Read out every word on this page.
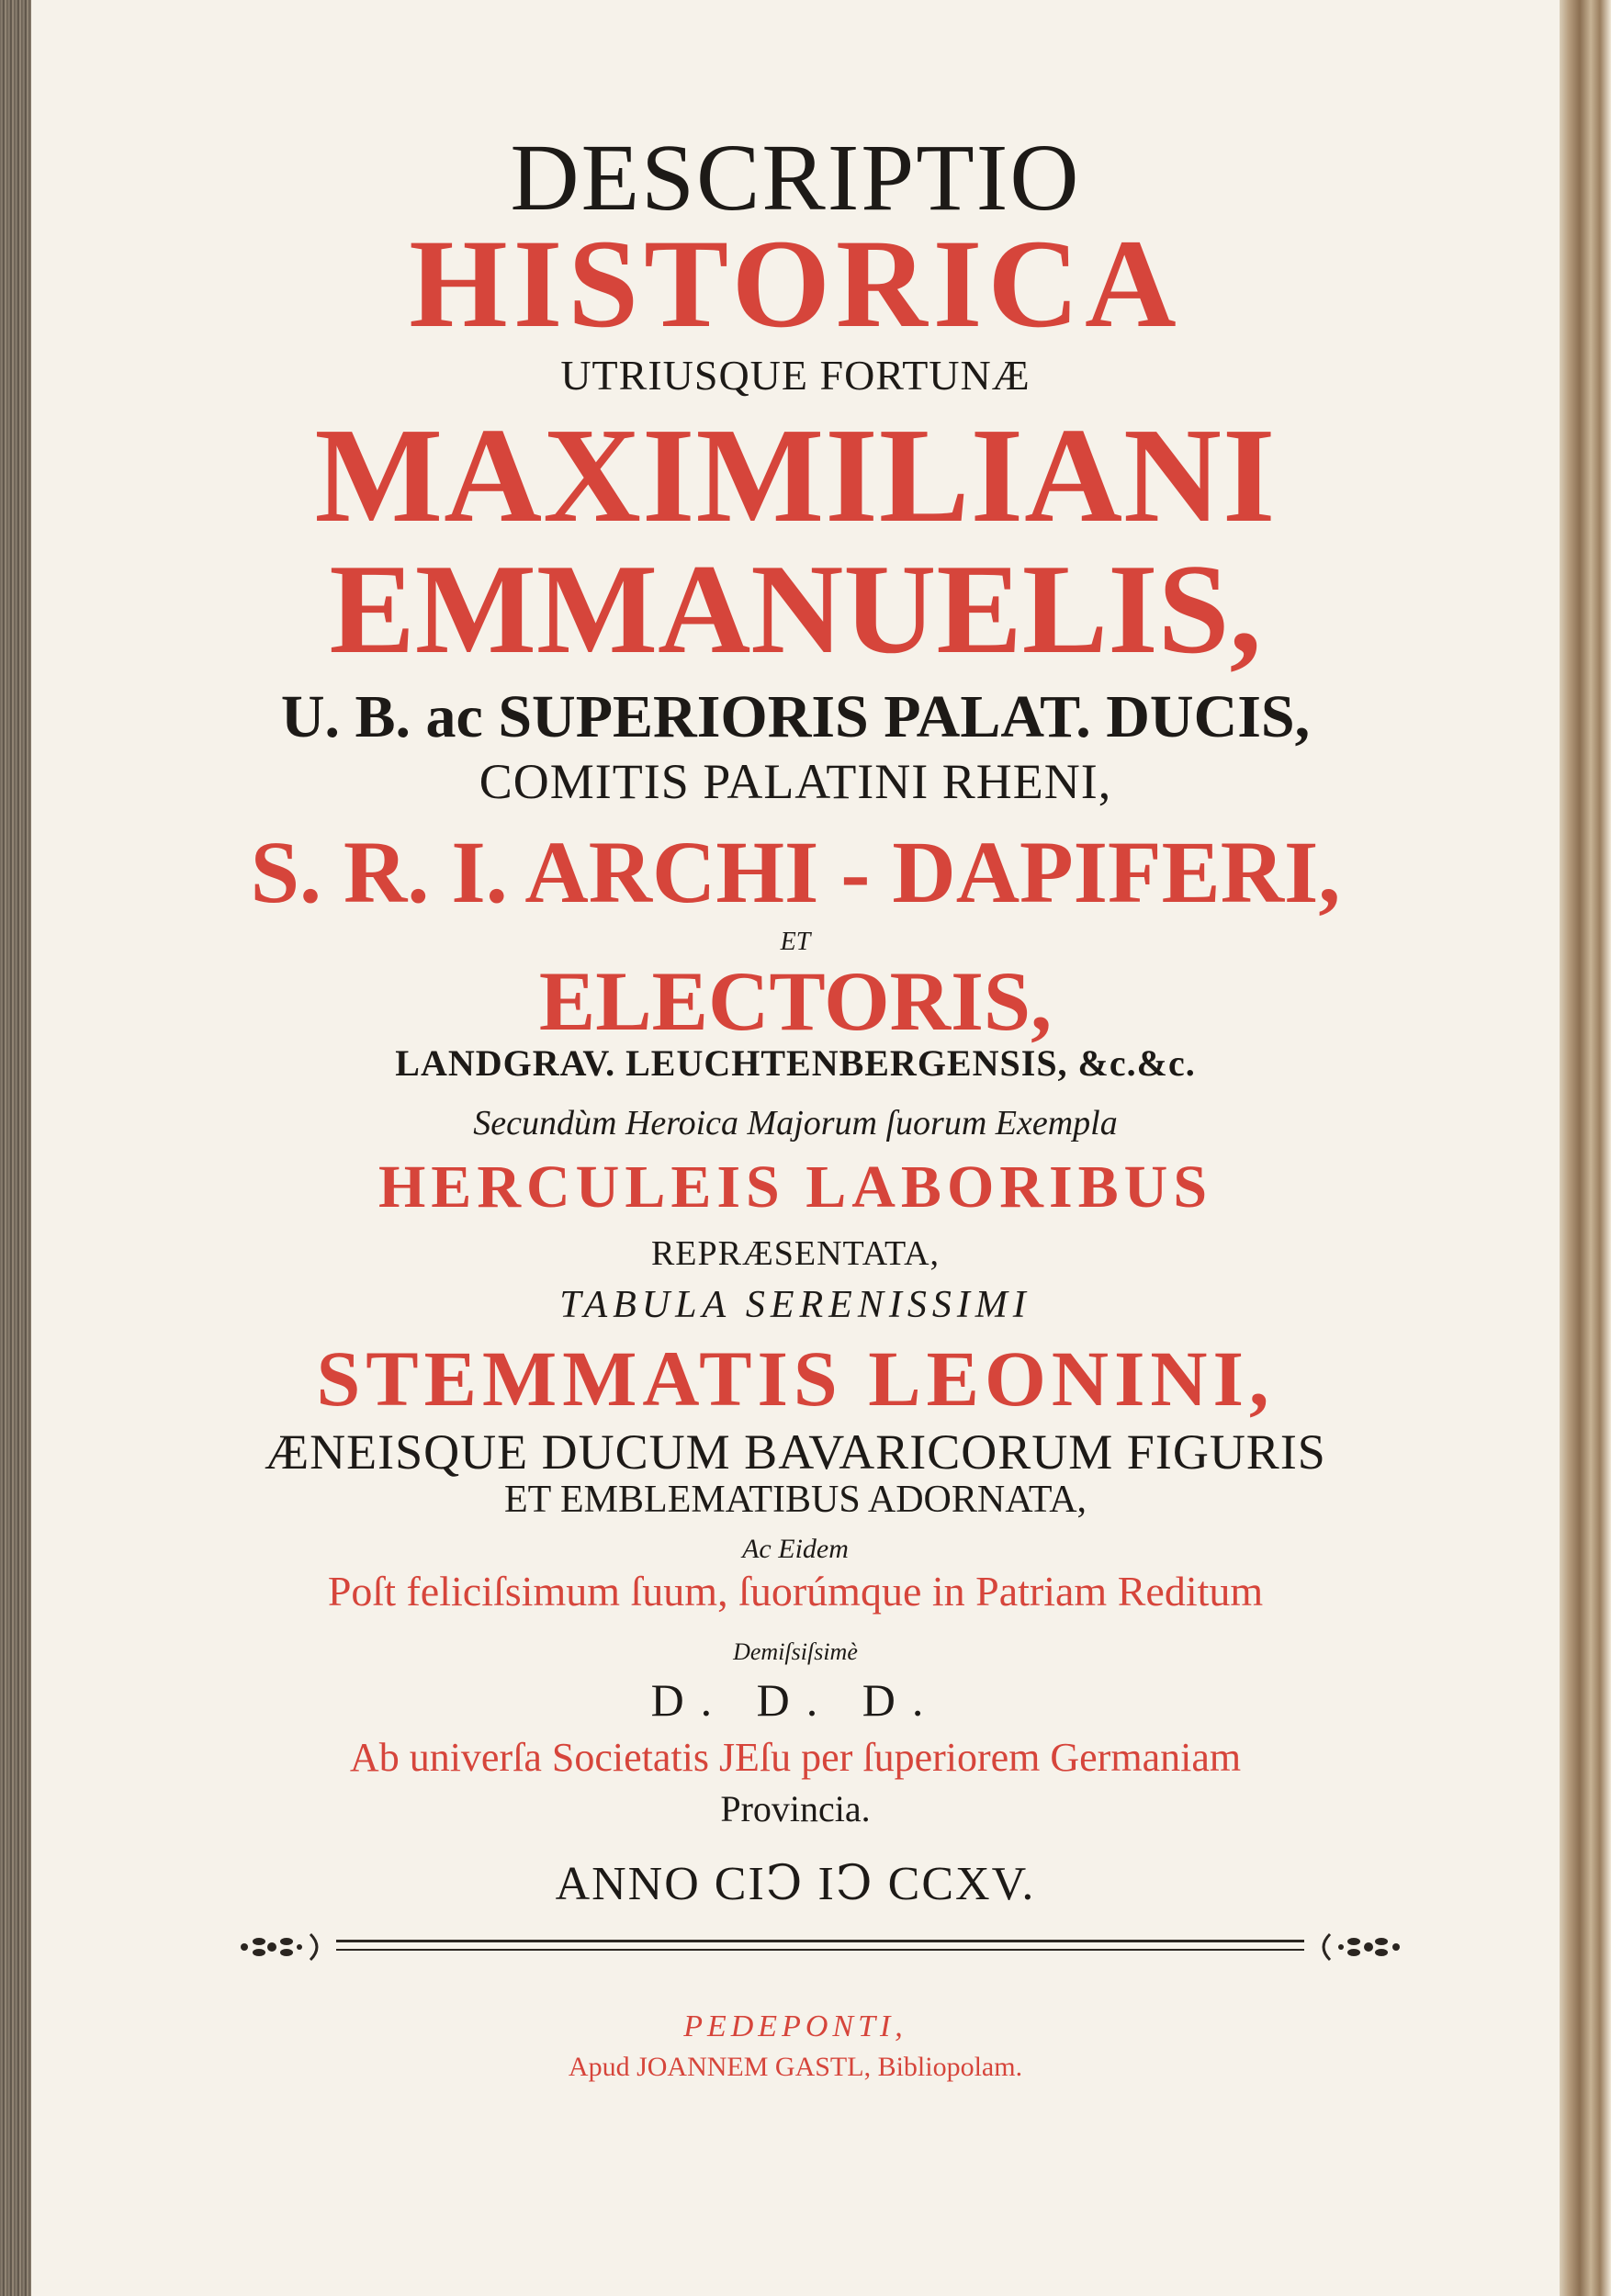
DESCRIPTIO
HISTORICA
UTRIUSQUE FORTUNÆ
MAXIMILIANI
EMMANUELIS,
U. B. ac SUPERIORIS PALAT. DUCIS,
COMITIS PALATINI RHENI,
S. R. I. ARCHI - DAPIFERI,
ET
ELECTORIS,
LANDGRAV. LEUCHTENBERGENSIS, &c.&c.
Secundùm Heroica Majorum ſuorum Exempla
HERCULEIS LABORIBUS
REPRÆSENTATA,
TABULA SERENISSIMI
STEMMATIS LEONINI,
ÆNEISQUE DUCUM BAVARICORUM FIGURIS
ET EMBLEMATIBUS ADORNATA,
Ac Eidem
Poſt feliciſsimum ſuum, ſuorúmque in Patriam Reditum
Demiſsiſsimè
D. D. D.
Ab univerſa Societatis JEſu per ſuperiorem Germaniam
Provincia.
ANNO CIↃ IↃ CCXV.
PEDEPONTI,
Apud JOANNEM GASTL, Bibliopolam.
